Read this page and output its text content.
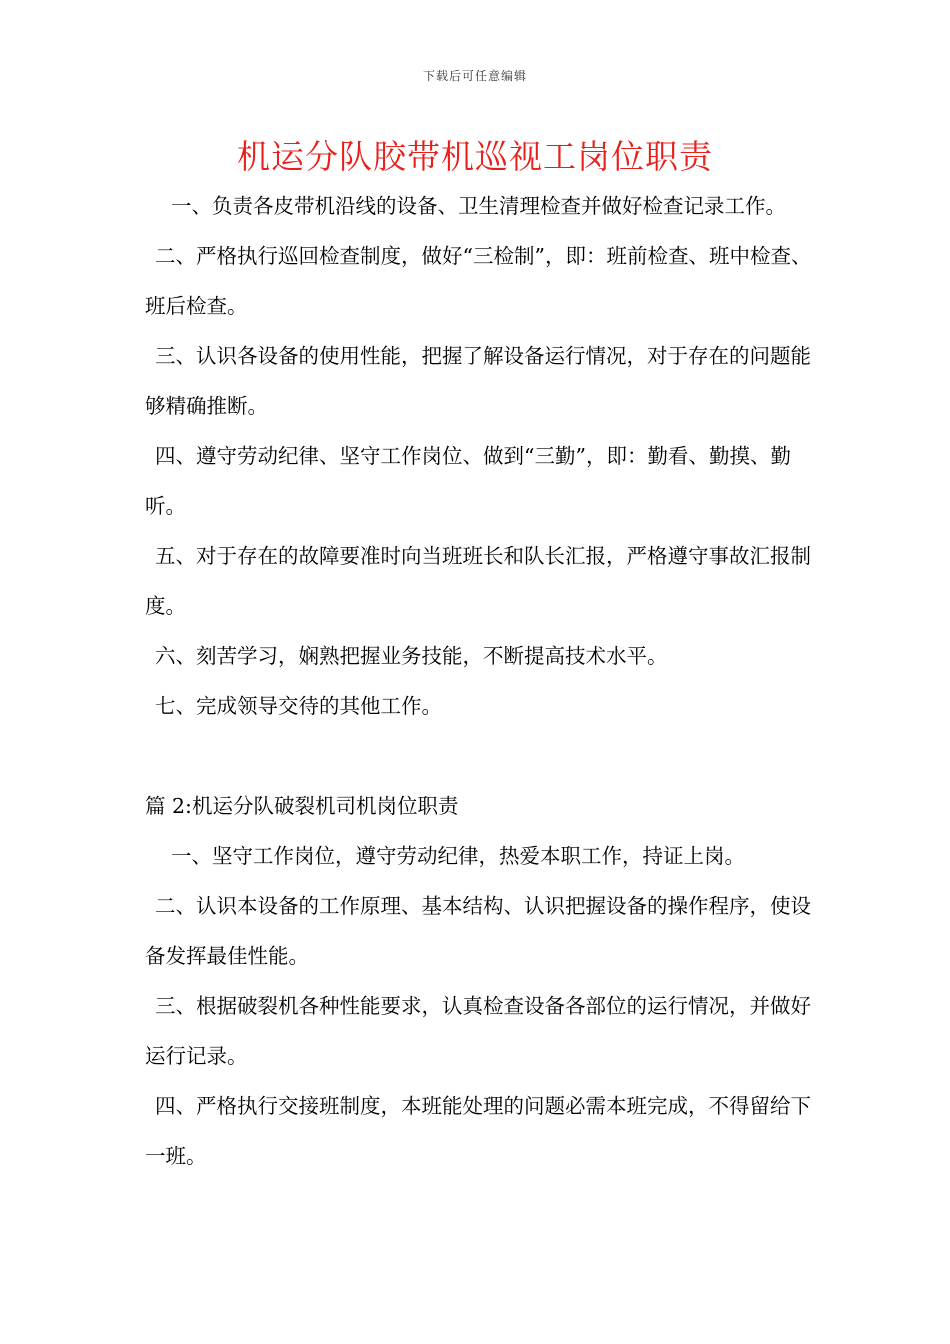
下载后可任意编辑
机运分队胶带机巡视工岗位职责

一、负责各皮带机沿线的设备、卫生清理检查并做好检查记录工作。

二、严格执行巡回检查制度，做好“三检制”，即：班前检查、班中检查、班后检查。

三、认识各设备的使用性能，把握了解设备运行情况，对于存在的问题能够精确推断。

四、遵守劳动纪律、坚守工作岗位、做到“三勤”，即：勤看、勤摸、勤听。

五、对于存在的故障要准时向当班班长和队长汇报，严格遵守事故汇报制度。

六、刻苦学习，娴熟把握业务技能，不断提高技术水平。

七、完成领导交待的其他工作。

篇 2:机运分队破裂机司机岗位职责

一、坚守工作岗位，遵守劳动纪律，热爱本职工作，持证上岗。

二、认识本设备的工作原理、基本结构、认识把握设备的操作程序，使设备发挥最佳性能。

三、根据破裂机各种性能要求，认真检查设备各部位的运行情况，并做好运行记录。

四、严格执行交接班制度，本班能处理的问题必需本班完成，不得留给下一班。
